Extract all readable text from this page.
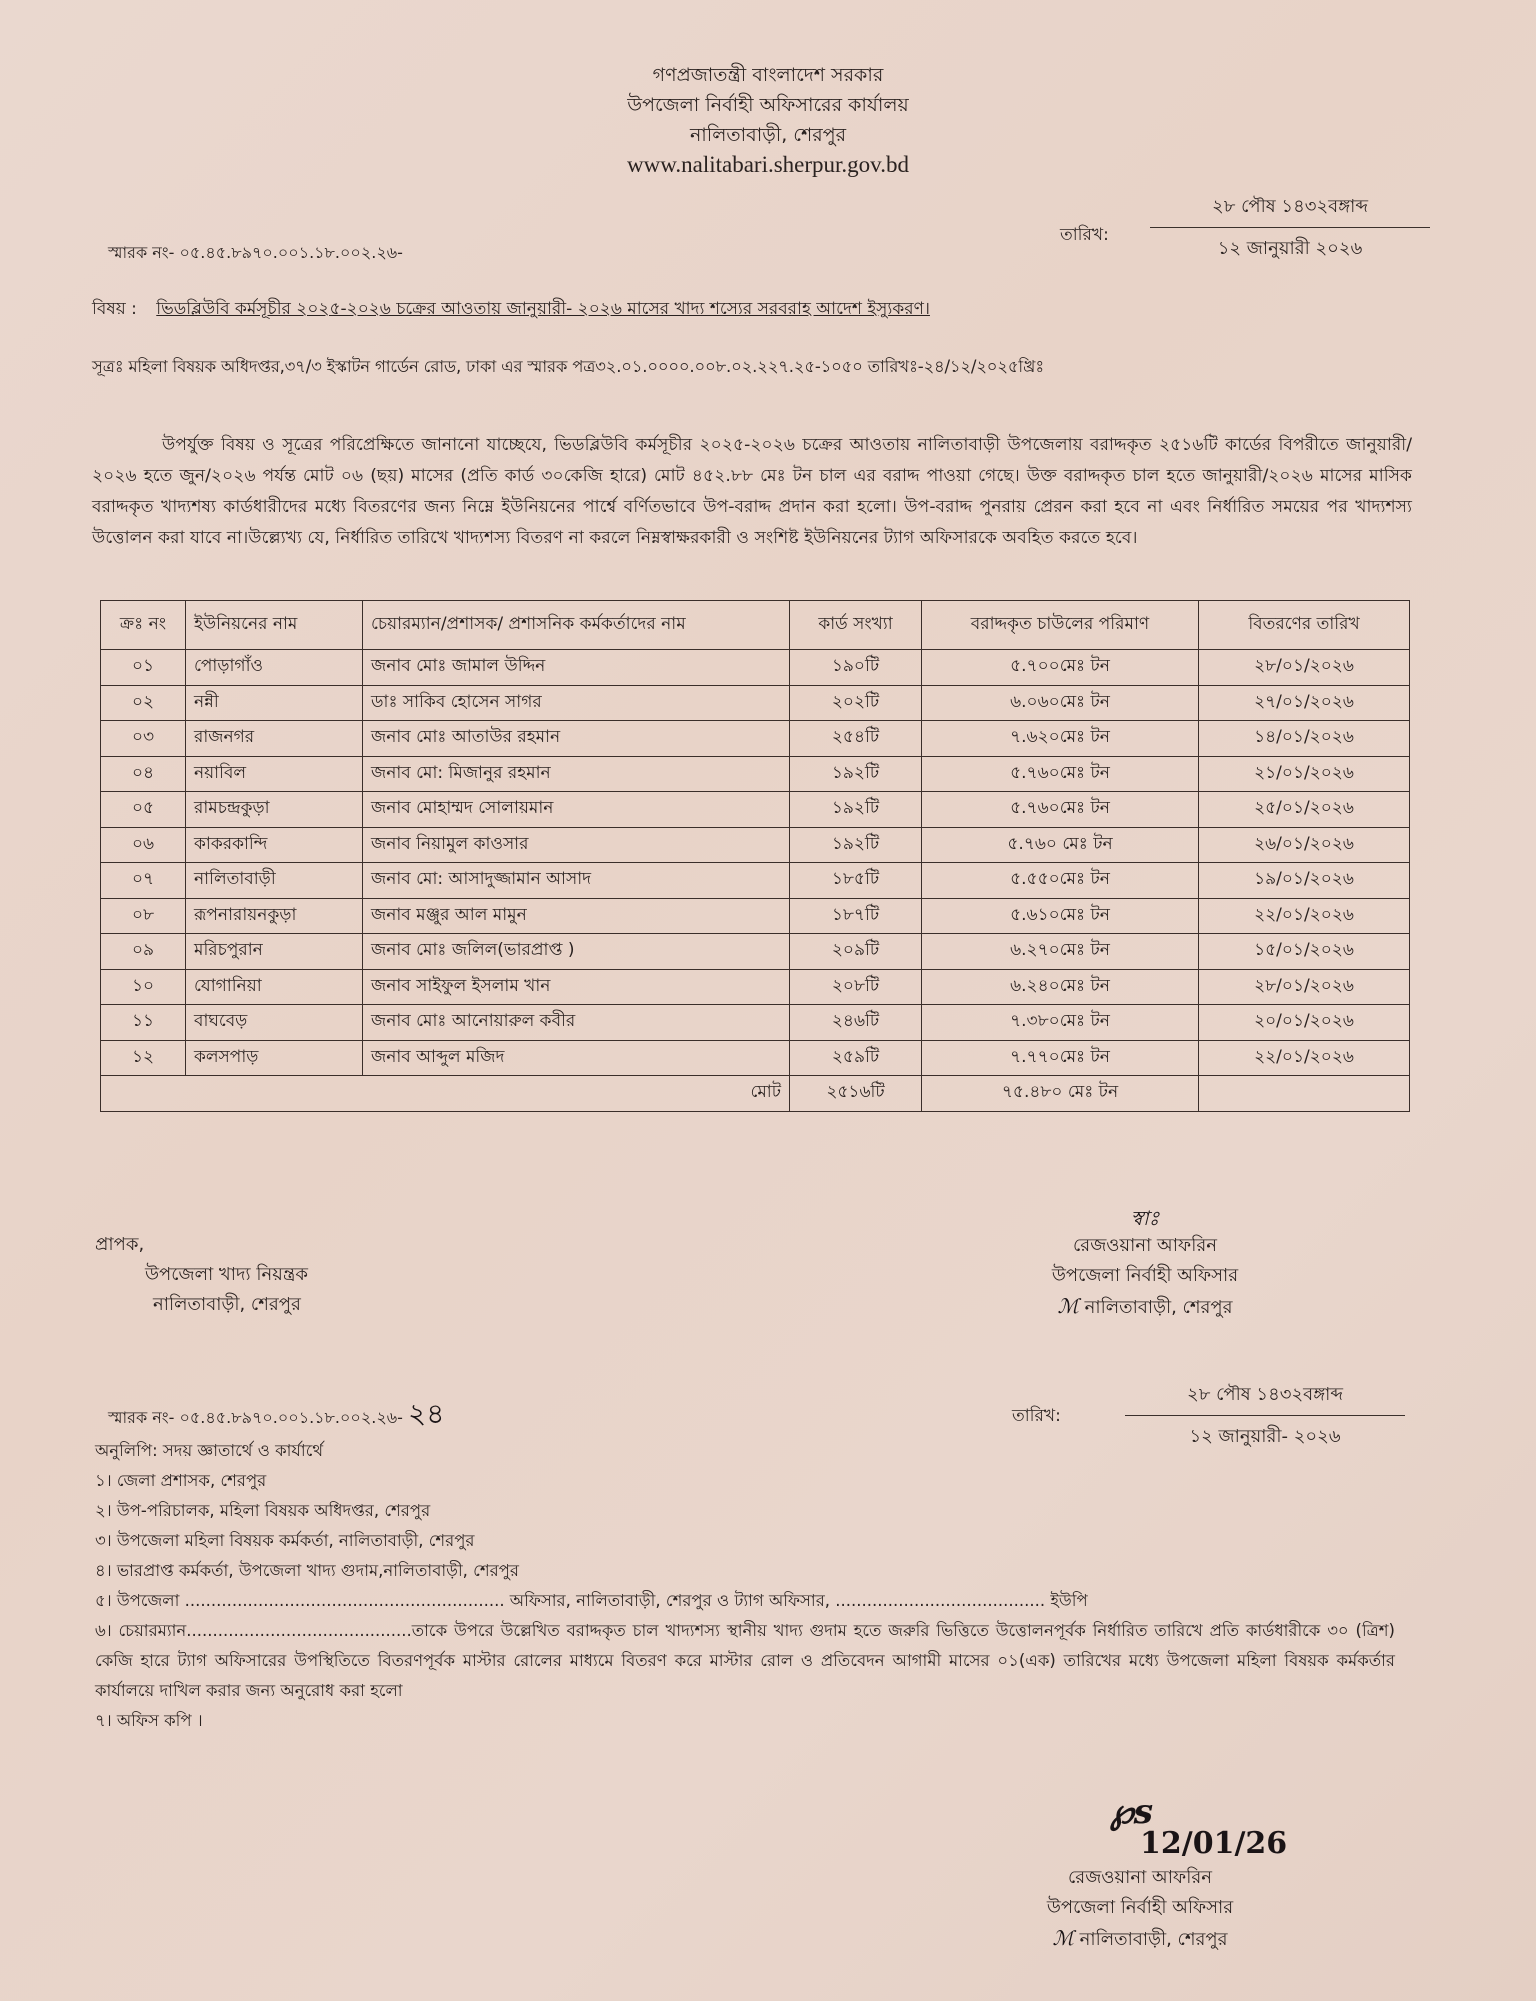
গণপ্রজাতন্ত্রী বাংলাদেশ সরকার
উপজেলা নির্বাহী অফিসারের কার্যালয়
নালিতাবাড়ী, শেরপুর
www.nalitabari.sherpur.gov.bd
স্মারক নং- ০৫.৪৫.৮৯৭০.০০১.১৮.০০২.২৬-
তারিখ:
২৮ পৌষ ১৪৩২বঙ্গাব্দ
১২ জানুয়ারী ২০২৬
বিষয় : ভিডব্লিউবি কর্মসূচীর ২০২৫-২০২৬ চক্রের আওতায় জানুয়ারী- ২০২৬ মাসের খাদ্য শস্যের সরবরাহ আদেশ ইস্যুকরণ।
সূত্রঃ মহিলা বিষয়ক অধিদপ্তর,৩৭/৩ ইস্কাটন গার্ডেন রোড, ঢাকা এর স্মারক পত্র৩২.০১.০০০০.০০৮.০২.২২৭.২৫-১০৫০ তারিখঃ-২৪/১২/২০২৫খ্রিঃ
উপর্যুক্ত বিষয় ও সূত্রের পরিপ্রেক্ষিতে জানানো যাচ্ছেযে, ভিডব্লিউবি কর্মসূচীর ২০২৫-২০২৬ চক্রের আওতায় নালিতাবাড়ী উপজেলায় বরাদ্দকৃত ২৫১৬টি কার্ডের বিপরীতে জানুয়ারী/২০২৬ হতে জুন/২০২৬ পর্যন্ত মোট ০৬ (ছয়) মাসের (প্রতি কার্ড ৩০কেজি হারে) মোট ৪৫২.৮৮ মেঃ টন চাল এর বরাদ্দ পাওয়া গেছে। উক্ত বরাদ্দকৃত চাল হতে জানুয়ারী/২০২৬ মাসের মাসিক বরাদ্দকৃত খাদ্যশষ্য কার্ডধারীদের মধ্যে বিতরণের জন্য নিম্নে ইউনিয়নের পার্শ্বে বর্ণিতভাবে উপ-বরাদ্দ প্রদান করা হলো। উপ-বরাদ্দ পুনরায় প্রেরন করা হবে না এবং নির্ধারিত সময়ের পর খাদ্যশস্য উত্তোলন করা যাবে না।উল্ল্যেখ্য যে, নির্ধারিত তারিখে খাদ্যশস্য বিতরণ না করলে নিম্নস্বাক্ষরকারী ও সংশিষ্ট ইউনিয়নের ট্যাগ অফিসারকে অবহিত করতে হবে।
ক্রঃ নং	ইউনিয়নের নাম	চেয়ারম্যান/প্রশাসক/ প্রশাসনিক কর্মকর্তাদের নাম	কার্ড সংখ্যা	বরাদ্দকৃত চাউলের পরিমাণ	বিতরণের তারিখ
০১	পোড়াগাঁও	জনাব মোঃ জামাল উদ্দিন	১৯০টি	৫.৭০০মেঃ টন	২৮/০১/২০২৬
০২	নন্নী	ডাঃ সাকিব হোসেন সাগর	২০২টি	৬.০৬০মেঃ টন	২৭/০১/২০২৬
০৩	রাজনগর	জনাব মোঃ আতাউর রহমান	২৫৪টি	৭.৬২০মেঃ টন	১৪/০১/২০২৬
০৪	নয়াবিল	জনাব মো: মিজানুর রহমান	১৯২টি	৫.৭৬০মেঃ টন	২১/০১/২০২৬
০৫	রামচন্দ্রকুড়া	জনাব মোহাম্মদ সোলায়মান	১৯২টি	৫.৭৬০মেঃ টন	২৫/০১/২০২৬
০৬	কাকরকান্দি	জনাব নিয়ামুল কাওসার	১৯২টি	৫.৭৬০ মেঃ টন	২৬/০১/২০২৬
০৭	নালিতাবাড়ী	জনাব মো: আসাদুজ্জামান আসাদ	১৮৫টি	৫.৫৫০মেঃ টন	১৯/০১/২০২৬
০৮	রূপনারায়নকুড়া	জনাব মঞ্জুর আল মামুন	১৮৭টি	৫.৬১০মেঃ টন	২২/০১/২০২৬
০৯	মরিচপুরান	জনাব মোঃ জলিল(ভারপ্রাপ্ত )	২০৯টি	৬.২৭০মেঃ টন	১৫/০১/২০২৬
১০	যোগানিয়া	জনাব সাইফুল ইসলাম খান	২০৮টি	৬.২৪০মেঃ টন	২৮/০১/২০২৬
১১	বাঘবেড়	জনাব মোঃ আনোয়ারুল কবীর	২৪৬টি	৭.৩৮০মেঃ টন	২০/০১/২০২৬
১২	কলসপাড়	জনাব আব্দুল মজিদ	২৫৯টি	৭.৭৭০মেঃ টন	২২/০১/২০২৬
মোট			২৫১৬টি	৭৫.৪৮০ মেঃ টন	
প্রাপক,
উপজেলা খাদ্য নিয়ন্ত্রক
নালিতাবাড়ী, শেরপুর
স্বাঃ
রেজওয়ানা আফরিন
উপজেলা নির্বাহী অফিসার
ℳ নালিতাবাড়ী, শেরপুর
স্মারক নং- ০৫.৪৫.৮৯৭০.০০১.১৮.০০২.২৬- ২৪	তারিখ:
২৮ পৌষ ১৪৩২বঙ্গাব্দ
১২ জানুয়ারী- ২০২৬
অনুলিপি: সদয় জ্ঞাতার্থে ও কার্যার্থে
১। জেলা প্রশাসক, শেরপুর
২। উপ-পরিচালক, মহিলা বিষয়ক অধিদপ্তর, শেরপুর
৩। উপজেলা মহিলা বিষয়ক কর্মকর্তা, নালিতাবাড়ী, শেরপুর
৪। ভারপ্রাপ্ত কর্মকর্তা, উপজেলা খাদ্য গুদাম,নালিতাবাড়ী, শেরপুর
৫। উপজেলা ............................................................. অফিসার, নালিতাবাড়ী, শেরপুর ও ট্যাগ অফিসার, ........................................ ইউপি
৬। চেয়ারম্যান...........................................তাকে উপরে উল্লেখিত বরাদ্দকৃত চাল খাদ্যশস্য স্থানীয় খাদ্য গুদাম হতে জরুরি ভিত্তিতে উত্তোলনপূর্বক নির্ধারিত তারিখে প্রতি কার্ডধারীকে ৩০ (ত্রিশ) কেজি হারে ট্যাগ অফিসারের উপস্থিতিতে বিতরণপূর্বক মাস্টার রোলের মাধ্যমে বিতরণ করে মাস্টার রোল ও প্রতিবেদন আগামী মাসের ০১(এক) তারিখের মধ্যে উপজেলা মহিলা বিষয়ক কর্মকর্তার কার্যালয়ে দাখিল করার জন্য অনুরোধ করা হলো
৭। অফিস কপি ।
℘ꜱ
12/01/26
রেজওয়ানা আফরিন
উপজেলা নির্বাহী অফিসার
ℳ নালিতাবাড়ী, শেরপুর
